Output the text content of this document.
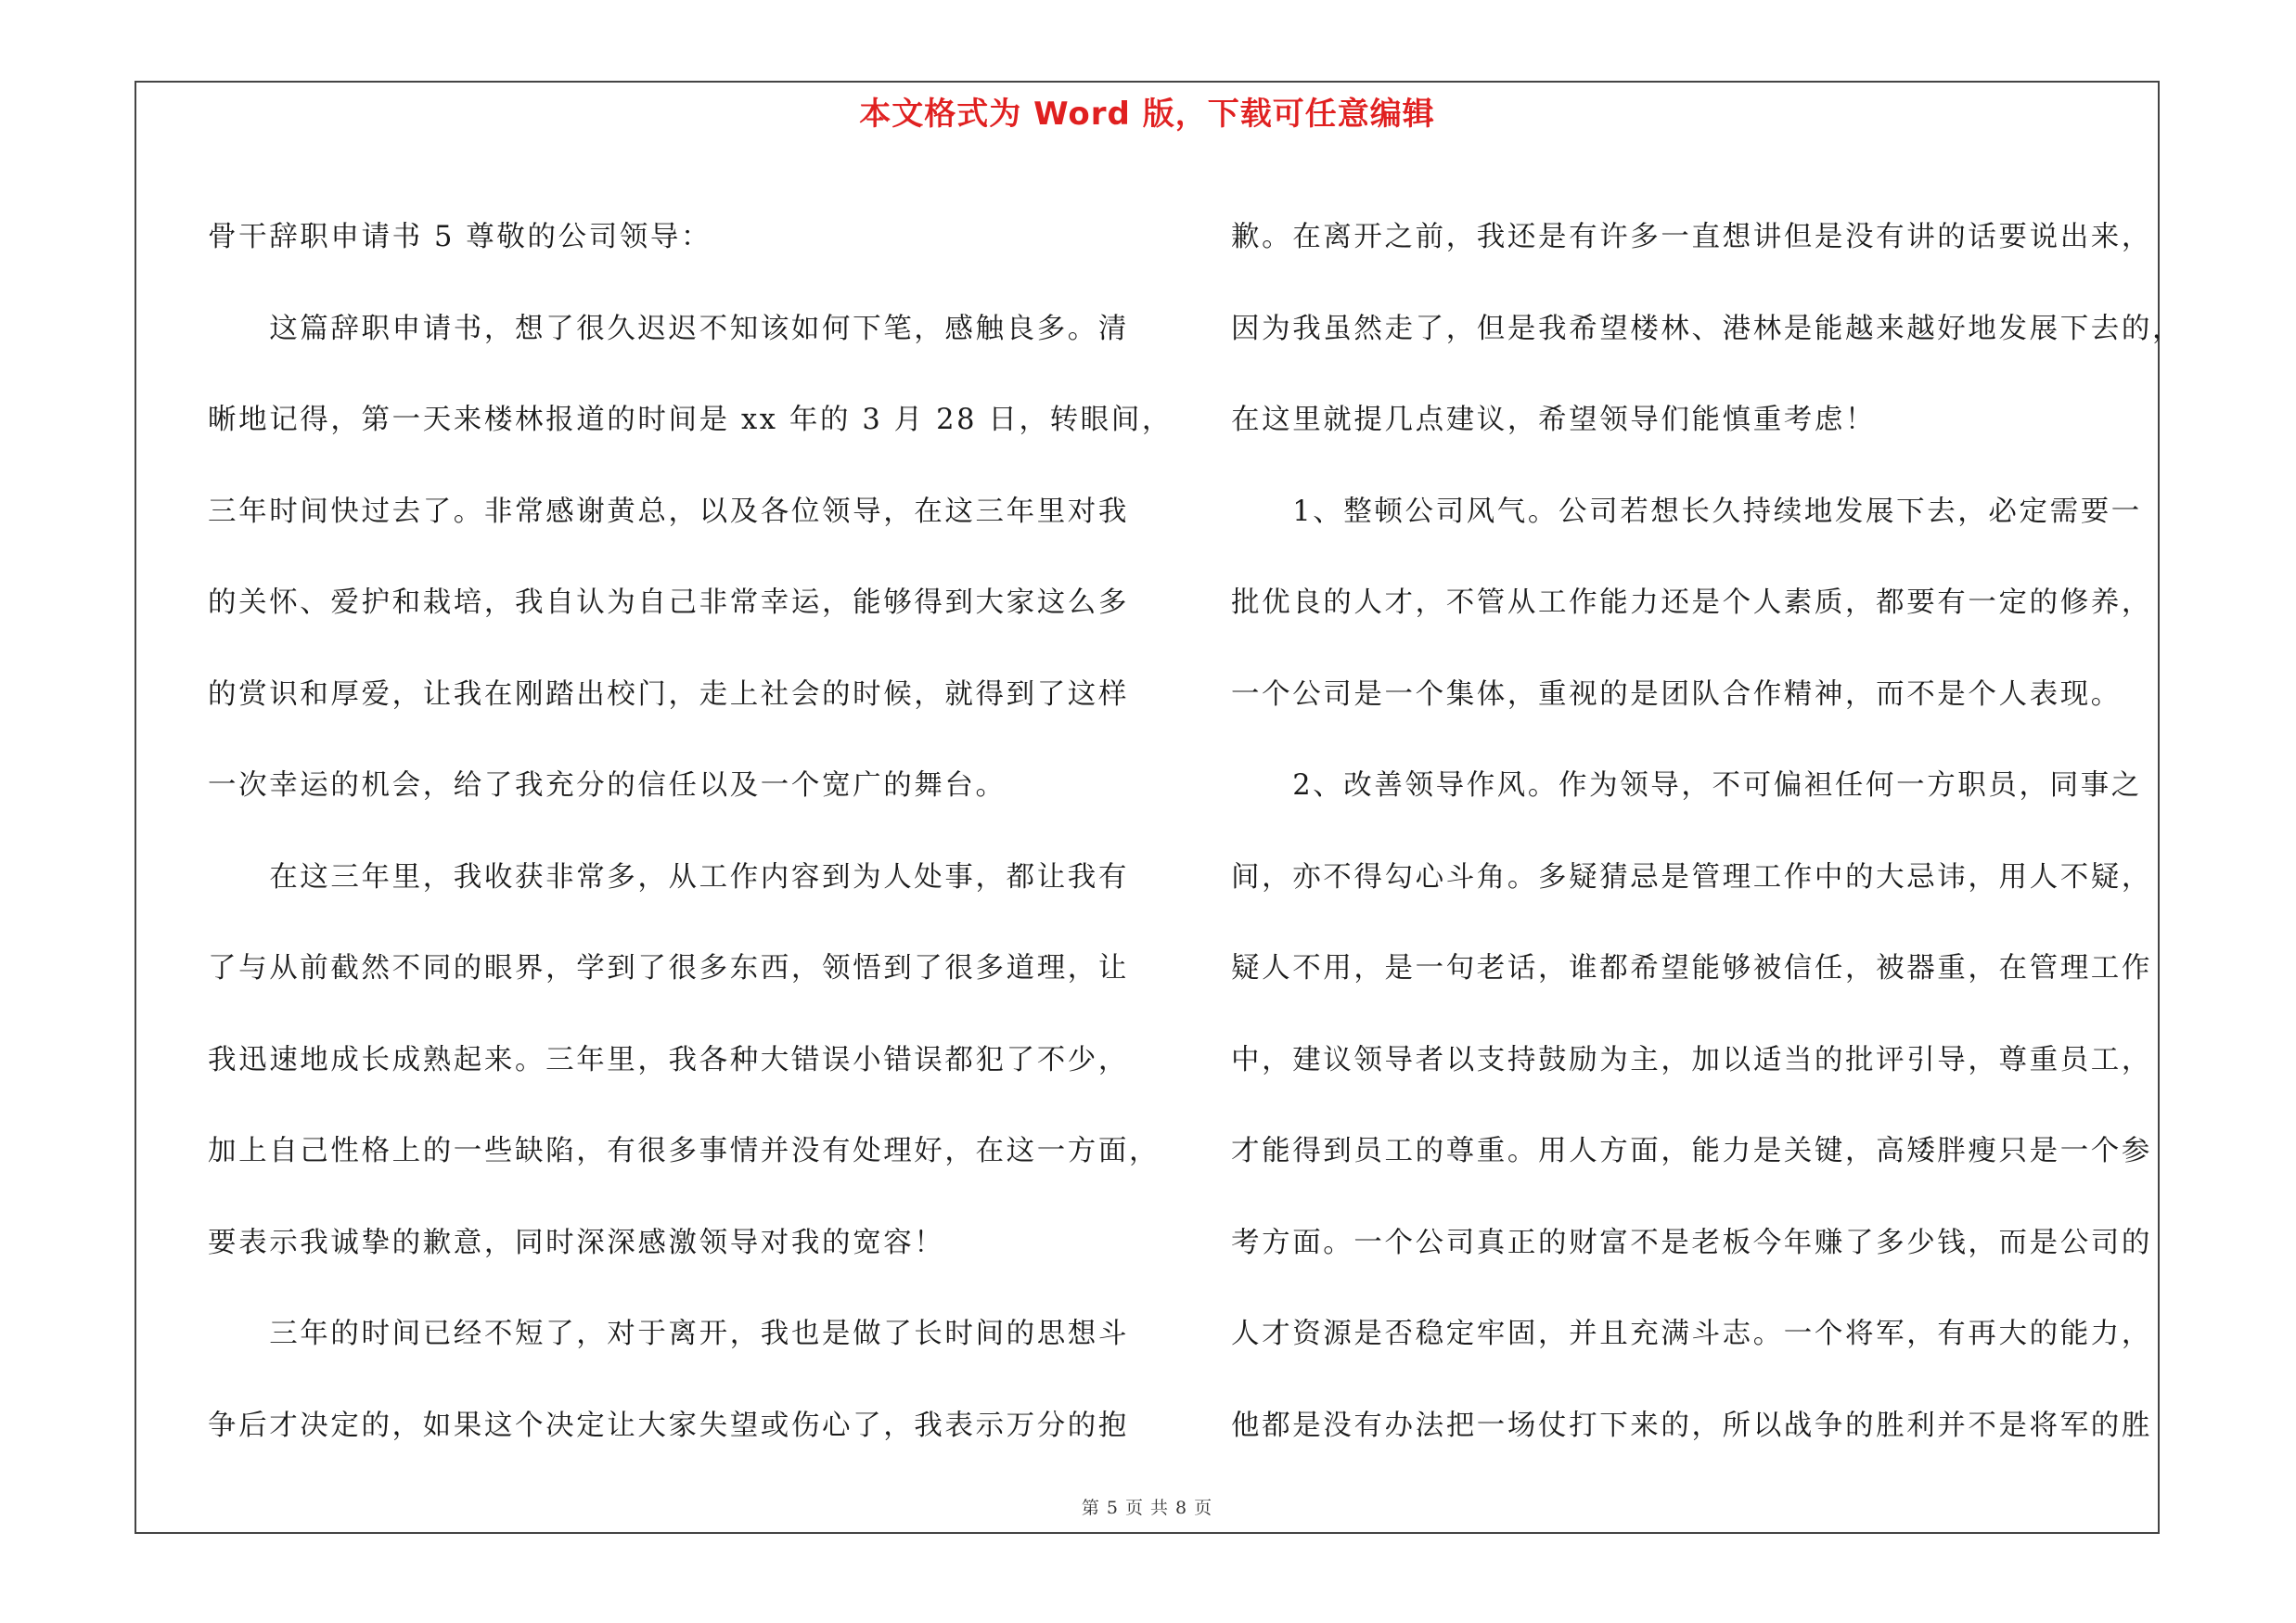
本文格式为 Word 版，下载可任意编辑
骨干辞职申请书 5 尊敬的公司领导：
　　这篇辞职申请书，想了很久迟迟不知该如何下笔，感触良多。清
晰地记得，第一天来楼林报道的时间是 xx 年的 3 月 28 日，转眼间，
三年时间快过去了。非常感谢黄总，以及各位领导，在这三年里对我
的关怀、爱护和栽培，我自认为自己非常幸运，能够得到大家这么多
的赏识和厚爱，让我在刚踏出校门，走上社会的时候，就得到了这样
一次幸运的机会，给了我充分的信任以及一个宽广的舞台。
　　在这三年里，我收获非常多，从工作内容到为人处事，都让我有
了与从前截然不同的眼界，学到了很多东西，领悟到了很多道理，让
我迅速地成长成熟起来。三年里，我各种大错误小错误都犯了不少，
加上自己性格上的一些缺陷，有很多事情并没有处理好，在这一方面，
要表示我诚挚的歉意，同时深深感激领导对我的宽容！
　　三年的时间已经不短了，对于离开，我也是做了长时间的思想斗
争后才决定的，如果这个决定让大家失望或伤心了，我表示万分的抱
歉。在离开之前，我还是有许多一直想讲但是没有讲的话要说出来，
因为我虽然走了，但是我希望楼林、港林是能越来越好地发展下去的，
在这里就提几点建议，希望领导们能慎重考虑！
　　1、整顿公司风气。公司若想长久持续地发展下去，必定需要一
批优良的人才，不管从工作能力还是个人素质，都要有一定的修养，
一个公司是一个集体，重视的是团队合作精神，而不是个人表现。
　　2、改善领导作风。作为领导，不可偏袒任何一方职员，同事之
间，亦不得勾心斗角。多疑猜忌是管理工作中的大忌讳，用人不疑，
疑人不用，是一句老话，谁都希望能够被信任，被器重，在管理工作
中，建议领导者以支持鼓励为主，加以适当的批评引导，尊重员工，
才能得到员工的尊重。用人方面，能力是关键，高矮胖瘦只是一个参
考方面。一个公司真正的财富不是老板今年赚了多少钱，而是公司的
人才资源是否稳定牢固，并且充满斗志。一个将军，有再大的能力，
他都是没有办法把一场仗打下来的，所以战争的胜利并不是将军的胜
第 5 页 共 8 页
